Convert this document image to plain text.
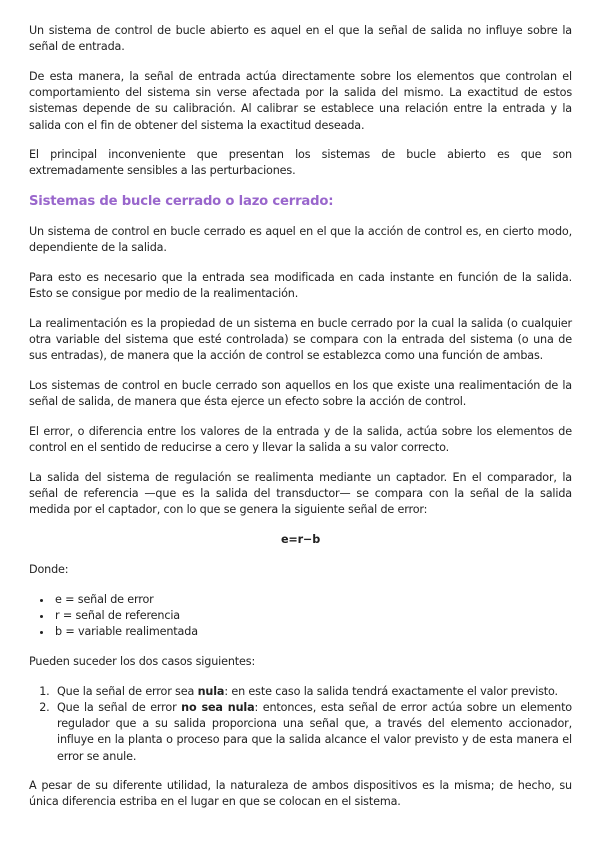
Un sistema de control de bucle abierto es aquel en el que la señal de salida no influye sobre la señal de entrada.

De esta manera, la señal de entrada actúa directamente sobre los elementos que controlan el comportamiento del sistema sin verse afectada por la salida del mismo. La exactitud de estos sistemas depende de su calibración. Al calibrar se establece una relación entre la entrada y la salida con el fin de obtener del sistema la exactitud deseada.

El principal inconveniente que presentan los sistemas de bucle abierto es que son extremadamente sensibles a las perturbaciones.

Sistemas de bucle cerrado o lazo cerrado:

Un sistema de control en bucle cerrado es aquel en el que la acción de control es, en cierto modo, dependiente de la salida.

Para esto es necesario que la entrada sea modificada en cada instante en función de la salida. Esto se consigue por medio de la realimentación.

La realimentación es la propiedad de un sistema en bucle cerrado por la cual la salida (o cualquier otra variable del sistema que esté controlada) se compara con la entrada del sistema (o una de sus entradas), de manera que la acción de control se establezca como una función de ambas.

Los sistemas de control en bucle cerrado son aquellos en los que existe una realimentación de la señal de salida, de manera que ésta ejerce un efecto sobre la acción de control.

El error, o diferencia entre los valores de la entrada y de la salida, actúa sobre los elementos de control en el sentido de reducirse a cero y llevar la salida a su valor correcto.

La salida del sistema de regulación se realimenta mediante un captador. En el comparador, la señal de referencia —que es la salida del transductor— se compara con la señal de la salida medida por el captador, con lo que se genera la siguiente señal de error:

e=r−b

Donde:

• e = señal de error
• r = señal de referencia
• b = variable realimentada

Pueden suceder los dos casos siguientes:

1. Que la señal de error sea nula: en este caso la salida tendrá exactamente el valor previsto.
2. Que la señal de error no sea nula: entonces, esta señal de error actúa sobre un elemento regulador que a su salida proporciona una señal que, a través del elemento accionador, influye en la planta o proceso para que la salida alcance el valor previsto y de esta manera el error se anule.

A pesar de su diferente utilidad, la naturaleza de ambos dispositivos es la misma; de hecho, su única diferencia estriba en el lugar en que se colocan en el sistema.
